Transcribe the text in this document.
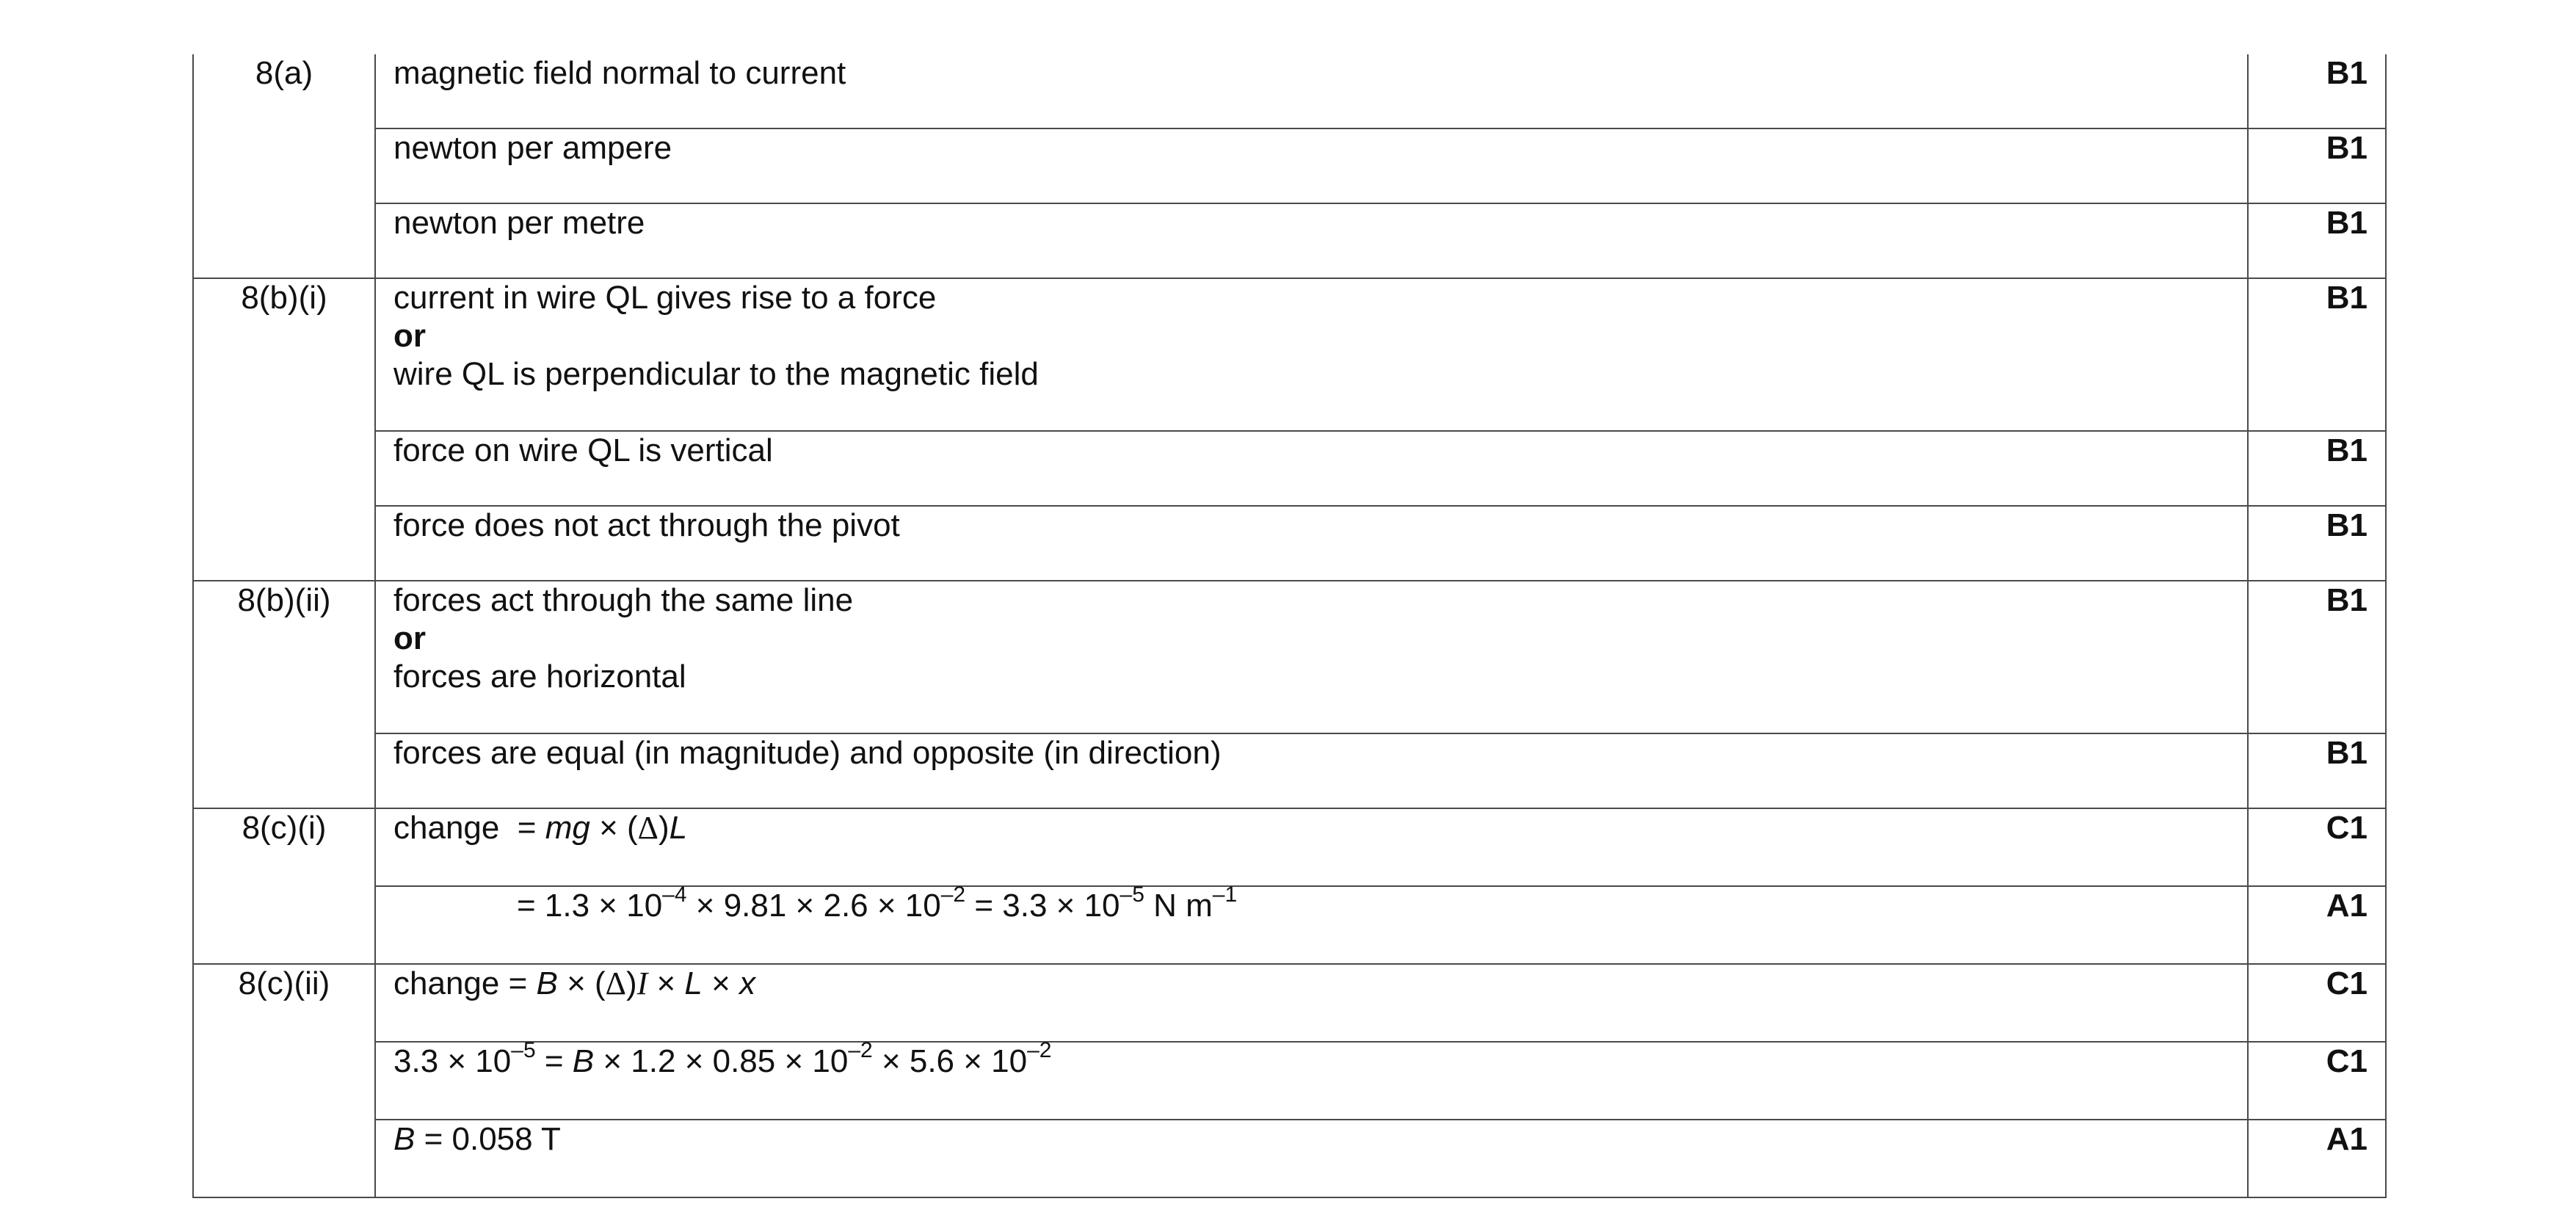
8(a)	magnetic field normal to current	B1
	newton per ampere	B1
	newton per metre	B1
8(b)(i)	current in wire QL gives rise to a force
or
wire QL is perpendicular to the magnetic field	B1
	force on wire QL is vertical	B1
	force does not act through the pivot	B1
8(b)(ii)	forces act through the same line
or
forces are horizontal	B1
	forces are equal (in magnitude) and opposite (in direction)	B1
8(c)(i)	change  = mg × (Δ)L	C1
	= $1.3 \times 10^{-4} \times 9.81 \times 2.6 \times 10^{-2} = 3.3 \times 10^{-5}$ N $m^{-1}$	A1
8(c)(ii)	change = B × (Δ)I × L × x	C1
	$3.3 \times 10^{-5} = B \times 1.2 \times 0.85 \times 10^{-2} \times 5.6 \times 10^{-2}$	C1
	B = 0.058 T	A1
